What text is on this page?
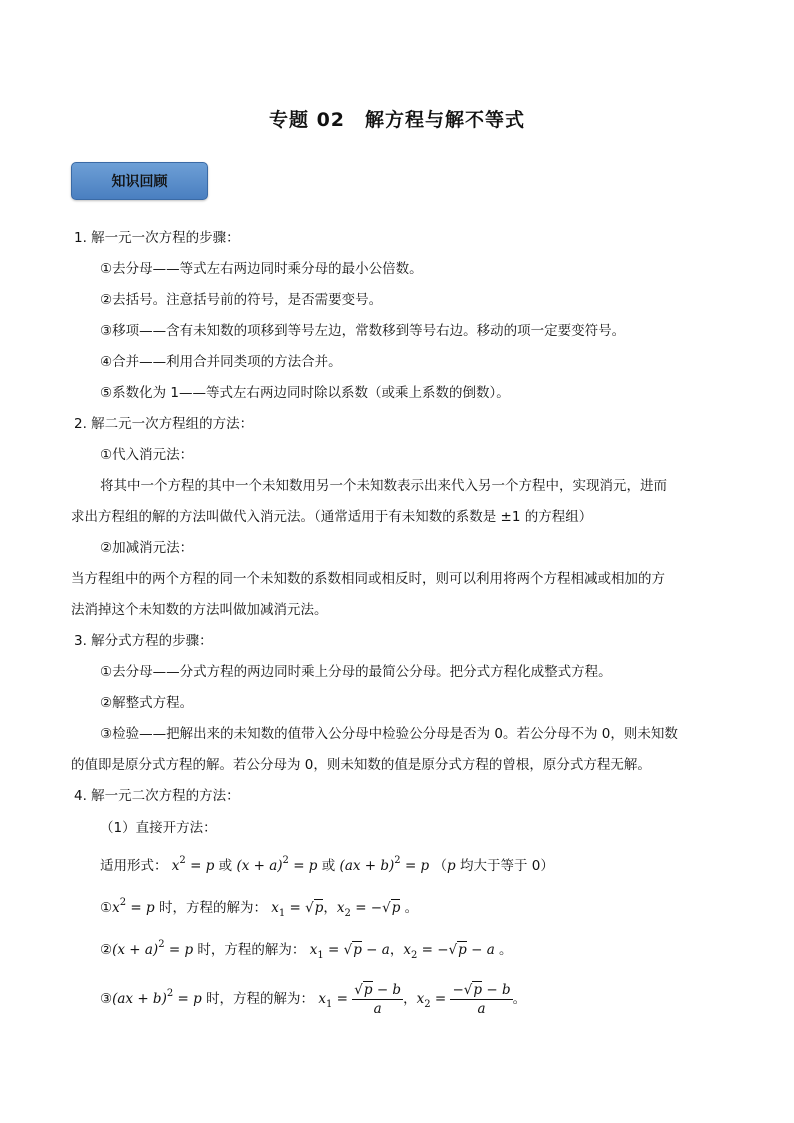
专题 02　解方程与解不等式
知识回顾
1. 解一元一次方程的步骤：
①去分母——等式左右两边同时乘分母的最小公倍数。
②去括号。注意括号前的符号，是否需要变号。
③移项——含有未知数的项移到等号左边，常数移到等号右边。移动的项一定要变符号。
④合并——利用合并同类项的方法合并。
⑤系数化为 1——等式左右两边同时除以系数（或乘上系数的倒数）。
2. 解二元一次方程组的方法：
①代入消元法：
将其中一个方程的其中一个未知数用另一个未知数表示出来代入另一个方程中，实现消元，进而
求出方程组的解的方法叫做代入消元法。（通常适用于有未知数的系数是 ±1 的方程组）
②加减消元法：
当方程组中的两个方程的同一个未知数的系数相同或相反时，则可以利用将两个方程相减或相加的方
法消掉这个未知数的方法叫做加减消元法。
3. 解分式方程的步骤：
①去分母——分式方程的两边同时乘上分母的最简公分母。把分式方程化成整式方程。
②解整式方程。
③检验——把解出来的未知数的值带入公分母中检验公分母是否为 0。若公分母不为 0，则未知数
的值即是原分式方程的解。若公分母为 0，则未知数的值是原分式方程的曾根，原分式方程无解。
4. 解一元二次方程的方法：
（1）直接开方法：
适用形式： $x^2 = p$ 或 $(x + a)^2 = p$ 或 (ax + b)$^2$ = p （p 均大于等于 0）
$①x^2 = p$ 时，方程的解为： $x_1 = √p$，$x_2 = -√p$ 。
②(x + a)$^2$ = p 时，方程的解为： $x_1 = √p - a$，$x_2 = -√p - a$ 。
③(ax + b)$^2$ = p 时，方程的解为： $x_1 = \frac{√p - b}{a}$ ，$x_2 = \frac{-√p - b}{a}$ 。
